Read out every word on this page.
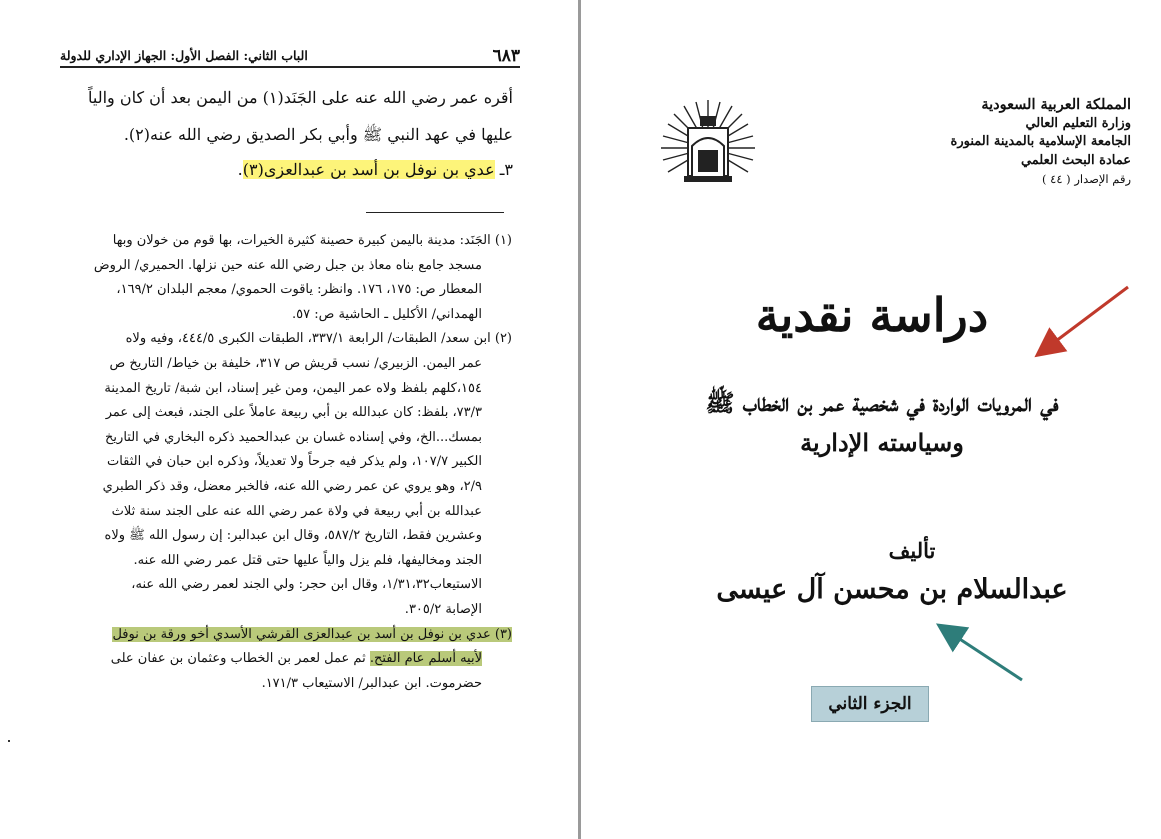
٦٨٣
الباب الثاني: الفصل الأول: الجهاز الإداري للدولة
أقره عمر رضي الله عنه على الجَنَد(١) من اليمن بعد أن كان والياً
عليها في عهد النبي ﷺ وأبي بكر الصديق رضي الله عنه(٢).
٣ـ عدي بن نوفل بن أسد بن عبدالعزى(٣).
(١) الجَنَد: مدينة باليمن كبيرة حصينة كثيرة الخيرات، بها قوم من خولان وبها
مسجد جامع بناه معاذ بن جبل رضي الله عنه حين نزلها. الحميري/ الروض
المعطار ص: ١٧٥، ١٧٦. وانظر: ياقوت الحموي/ معجم البلدان ١٦٩/٢،
الهمداني/ الأكليل ـ الحاشية ص: ٥٧.
(٢) ابن سعد/ الطبقات/ الرابعة ٣٣٧/١، الطبقات الكبرى ٤٤٤/٥، وفيه ولاه
عمر اليمن. الزبيري/ نسب قريش ص ٣١٧، خليفة بن خياط/ التاريخ ص
١٥٤،كلهم بلفظ ولاه عمر اليمن، ومن غير إسناد، ابن شبة/ تاريخ المدينة
٧٣/٣، بلفظ: كان عبدالله بن أبي ربيعة عاملاً على الجند، فبعث إلى عمر
بمسك...الخ، وفي إسناده غسان بن عبدالحميد ذكره البخاري في التاريخ
الكبير ١٠٧/٧، ولم يذكر فيه جرحاً ولا تعديلاً، وذكره ابن حبان في الثقات
٢/٩، وهو يروي عن عمر رضي الله عنه، فالخبر معضل، وقد ذكر الطبري
عبدالله بن أبي ربيعة في ولاة عمر رضي الله عنه على الجند سنة ثلاث
وعشرين فقط، التاريخ ٥٨٧/٢، وقال ابن عبدالبر: إن رسول الله ﷺ ولاه
الجند ومخاليفها، فلم يزل والياً عليها حتى قتل عمر رضي الله عنه.
الاستيعاب١/٣١،٣٢، وقال ابن حجر: ولي الجند لعمر رضي الله عنه،
الإصابة ٣٠٥/٢.
(٣) عدي بن نوفل بن أسد بن عبدالعزى القرشي الأسدي أخو ورقة بن نوفل
لأبيه أسلم عام الفتح. ثم عمل لعمر بن الخطاب وعثمان بن عفان على
حضرموت. ابن عبدالبر/ الاستيعاب ١٧١/٣.
المملكة العربية السعودية
وزارة التعليم العالي
الجامعة الإسلامية بالمدينة المنورة
عمادة البحث العلمي
رقم الإصدار ( ٤٤ )
دراسة نقدية
في المرويات الواردة في شخصية عمر بن الخطاب ﷺ
وسياسته الإدارية
تأليف
عبدالسلام بن محسن آل عيسى
الجزء الثاني
